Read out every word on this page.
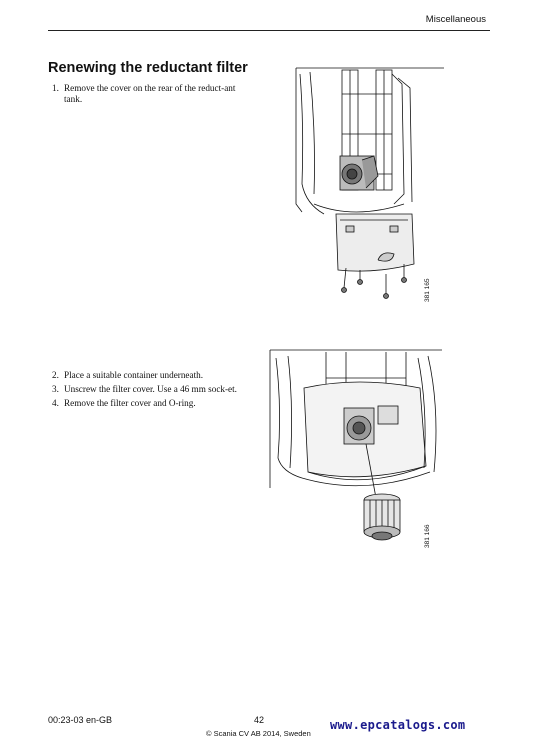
Miscellaneous
Renewing the reductant filter
1. Remove the cover on the rear of the reduct-ant tank.
2. Place a suitable container underneath.
3. Unscrew the filter cover. Use a 46 mm sock-et.
4. Remove the filter cover and O-ring.
381 165
381 166
00:23-03 en-GB	42
© Scania CV AB 2014, Sweden
www.epcatalogs.com
